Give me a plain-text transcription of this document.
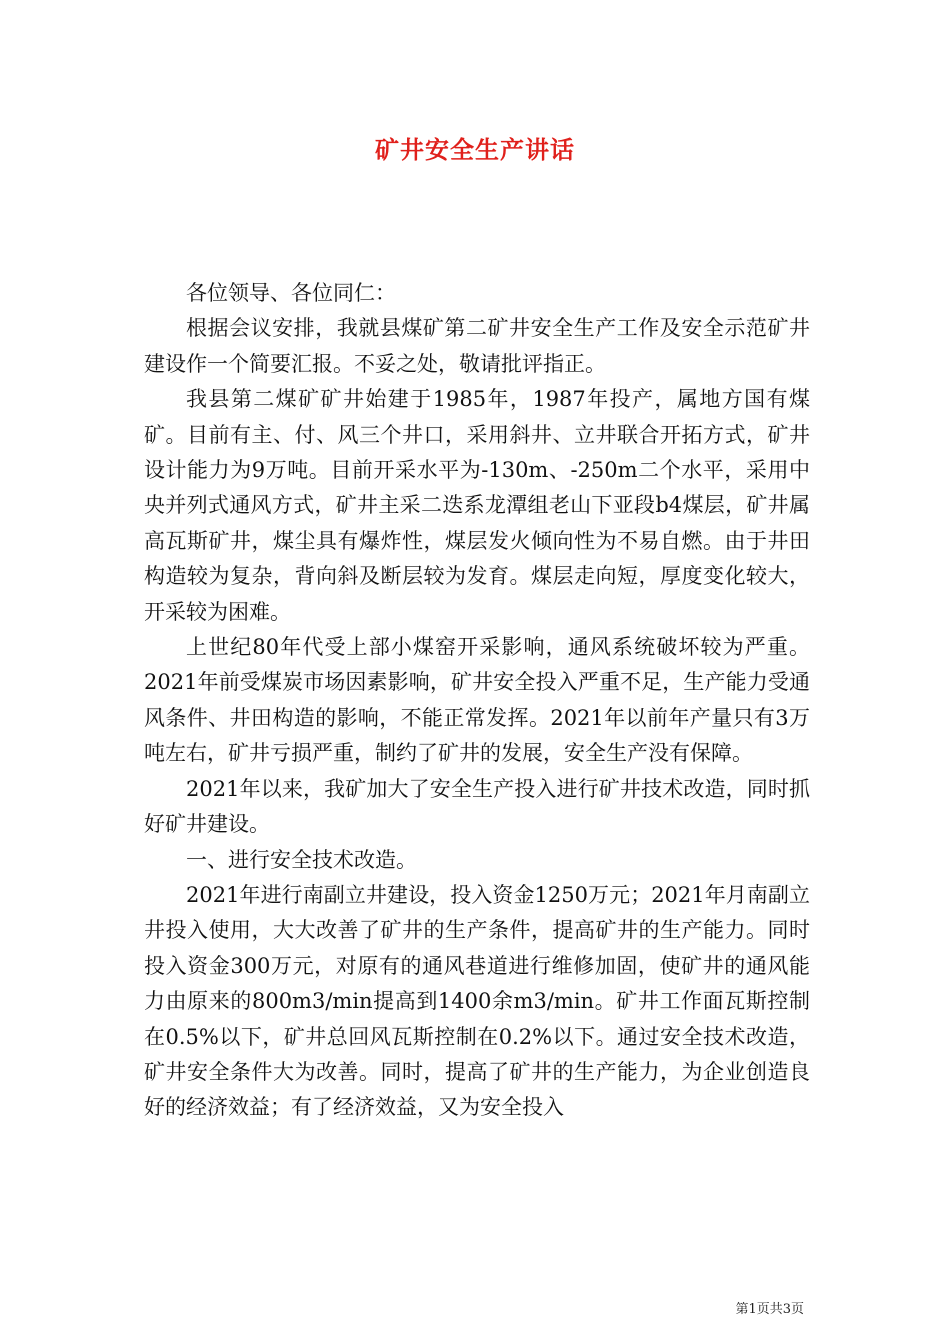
矿井安全生产讲话

各位领导、各位同仁：

根据会议安排，我就县煤矿第二矿井安全生产工作及安全示范矿井建设作一个简要汇报。不妥之处，敬请批评指正。

我县第二煤矿矿井始建于1985年，1987年投产，属地方国有煤矿。目前有主、付、风三个井口，采用斜井、立井联合开拓方式，矿井设计能力为9万吨。目前开采水平为-130m、-250m二个水平，采用中央并列式通风方式，矿井主采二迭系龙潭组老山下亚段b4煤层，矿井属高瓦斯矿井，煤尘具有爆炸性，煤层发火倾向性为不易自燃。由于井田构造较为复杂，背向斜及断层较为发育。煤层走向短，厚度变化较大，开采较为困难。

上世纪80年代受上部小煤窑开采影响，通风系统破坏较为严重。2021年前受煤炭市场因素影响，矿井安全投入严重不足，生产能力受通风条件、井田构造的影响，不能正常发挥。2021年以前年产量只有3万吨左右，矿井亏损严重，制约了矿井的发展，安全生产没有保障。

2021年以来，我矿加大了安全生产投入进行矿井技术改造，同时抓好矿井建设。

一、进行安全技术改造。

2021年进行南副立井建设，投入资金1250万元；2021年月南副立井投入使用，大大改善了矿井的生产条件，提高矿井的生产能力。同时投入资金300万元，对原有的通风巷道进行维修加固，使矿井的通风能力由原来的800m3/min提高到1400余m3/min。矿井工作面瓦斯控制在0.5%以下，矿井总回风瓦斯控制在0.2%以下。通过安全技术改造，矿井安全条件大为改善。同时，提高了矿井的生产能力，为企业创造良好的经济效益；有了经济效益，又为安全投入

第1页共3页
